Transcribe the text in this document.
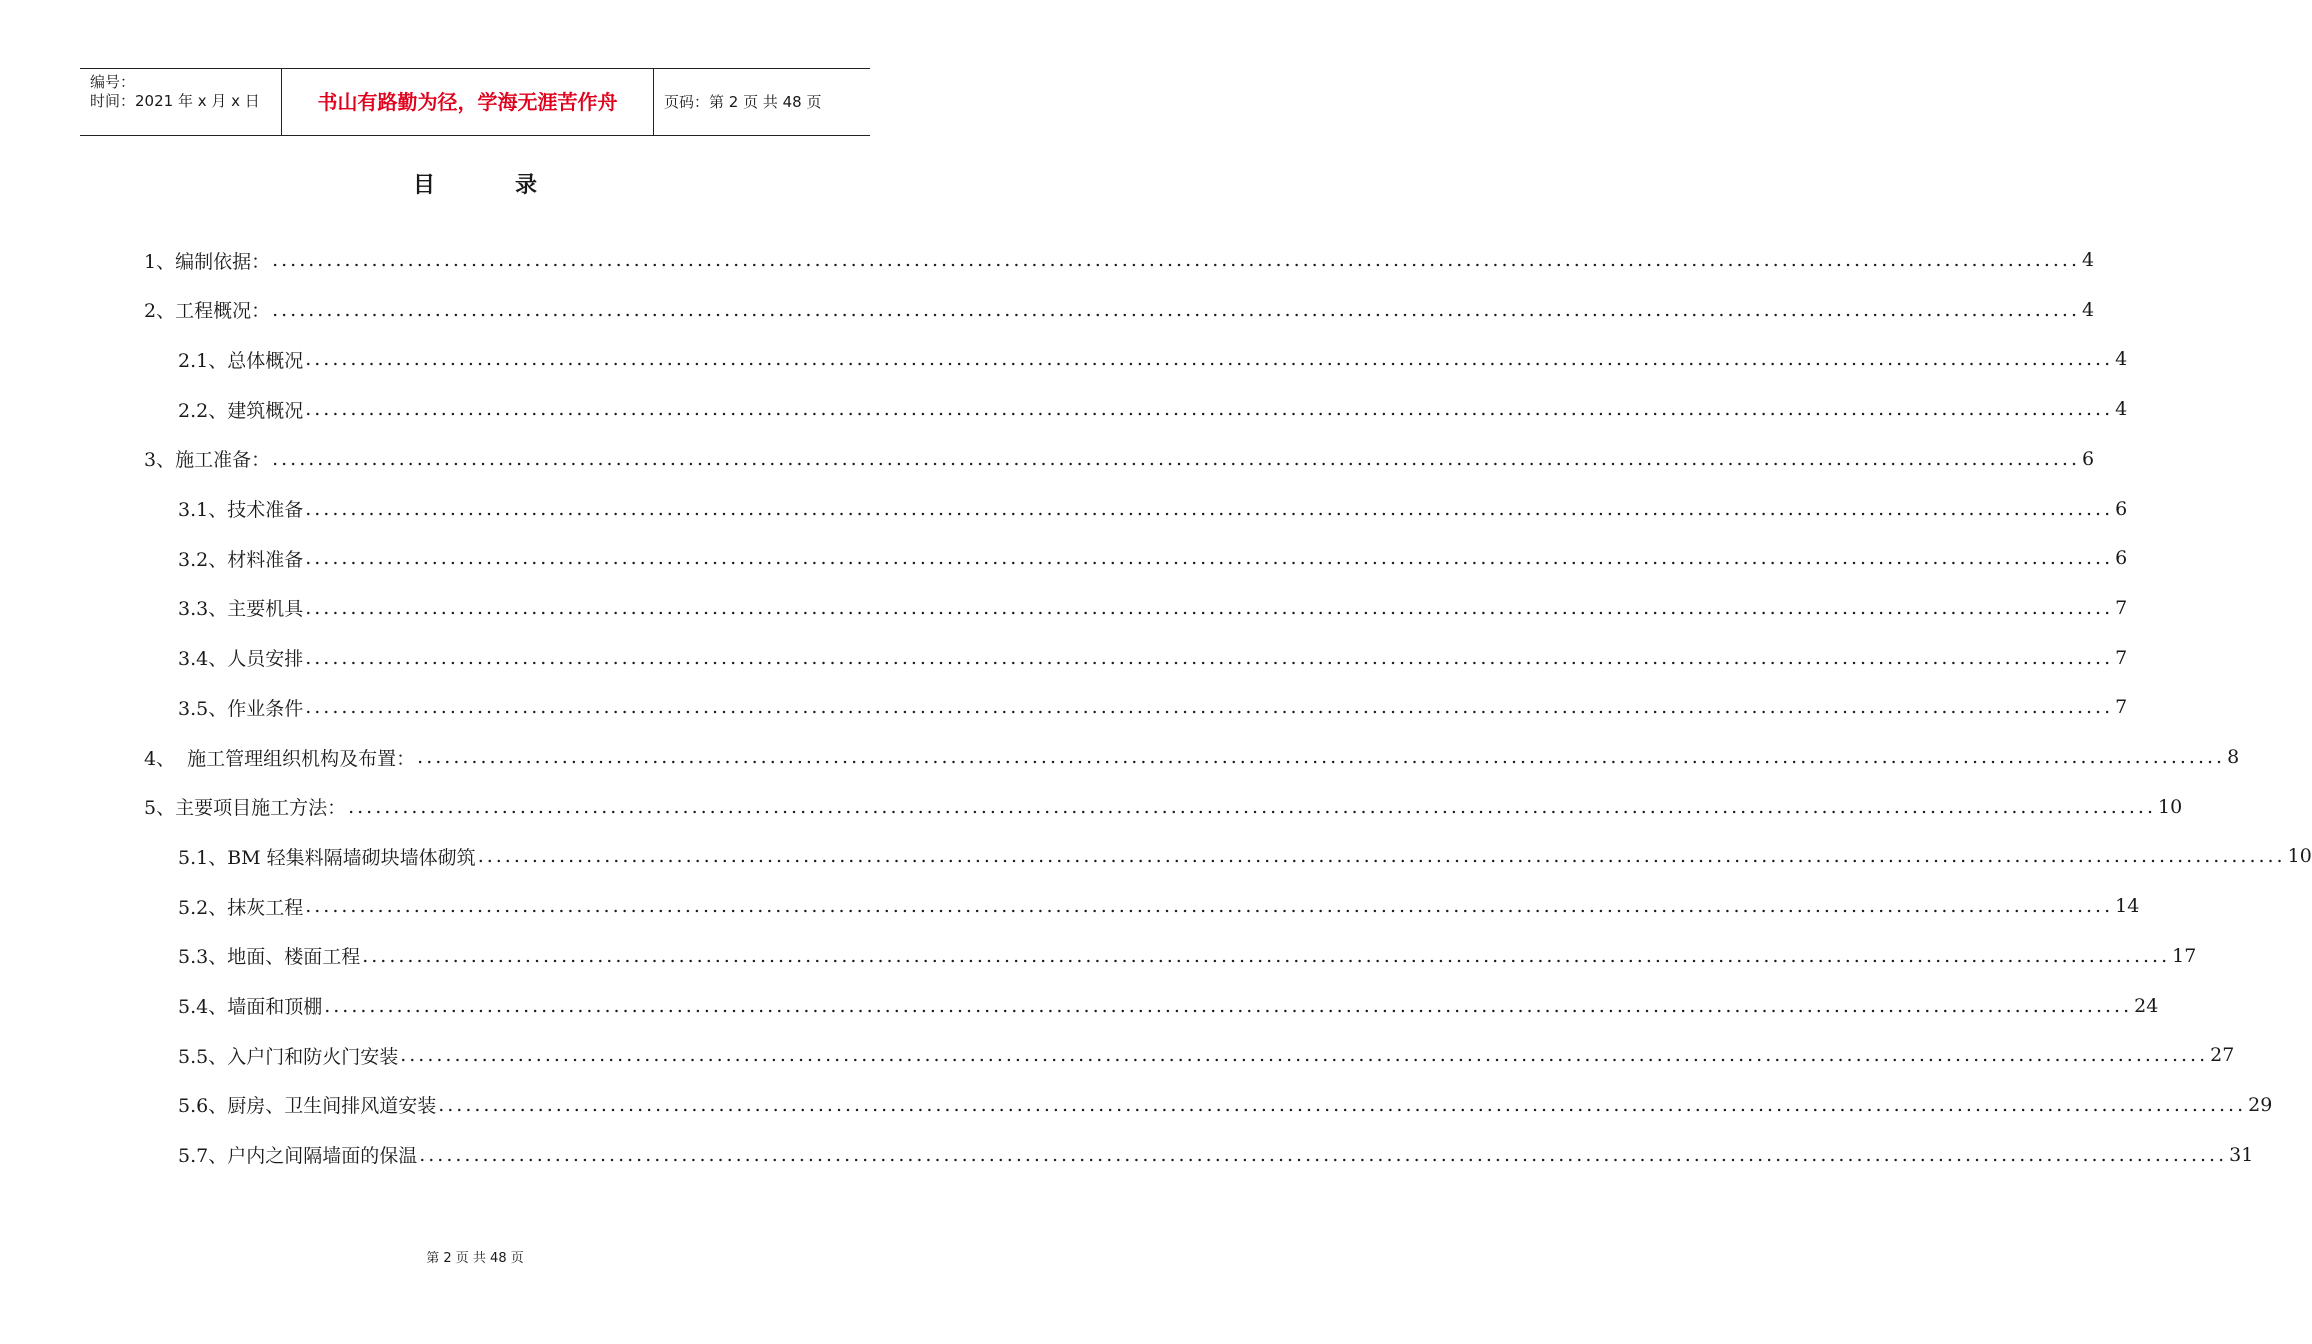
编号：
时间：2021 年 x 月 x 日	书山有路勤为径，学海无涯苦作舟	页码：第 2 页 共 48 页
目	录
1、编制依据： ........................................................................................................................................................................................................ 4
2、工程概况： ........................................................................................................................................................................................................ 4
2.1、总体概况 ........................................................................................................................................................................................................ 4
2.2、建筑概况 ........................................................................................................................................................................................................ 4
3、施工准备： ........................................................................................................................................................................................................ 6
3.1、技术准备 ........................................................................................................................................................................................................ 6
3.2、材料准备 ........................................................................................................................................................................................................ 6
3.3、主要机具 ........................................................................................................................................................................................................ 7
3.4、人员安排 ........................................................................................................................................................................................................ 7
3.5、作业条件 ........................................................................................................................................................................................................ 7
4、  施工管理组织机构及布置： ........................................................................................................................................................................................................ 8
5、主要项目施工方法： ........................................................................................................................................................................................................ 10
5.1、BM 轻集料隔墙砌块墙体砌筑 ........................................................................................................................................................................................................ 10
5.2、抹灰工程 ........................................................................................................................................................................................................ 14
5.3、地面、楼面工程 ........................................................................................................................................................................................................ 17
5.4、墙面和顶棚 ........................................................................................................................................................................................................ 24
5.5、入户门和防火门安装 ........................................................................................................................................................................................................ 27
5.6、厨房、卫生间排风道安装 ........................................................................................................................................................................................................ 29
5.7、户内之间隔墙面的保温 ........................................................................................................................................................................................................ 31
第 2 页 共 48 页
